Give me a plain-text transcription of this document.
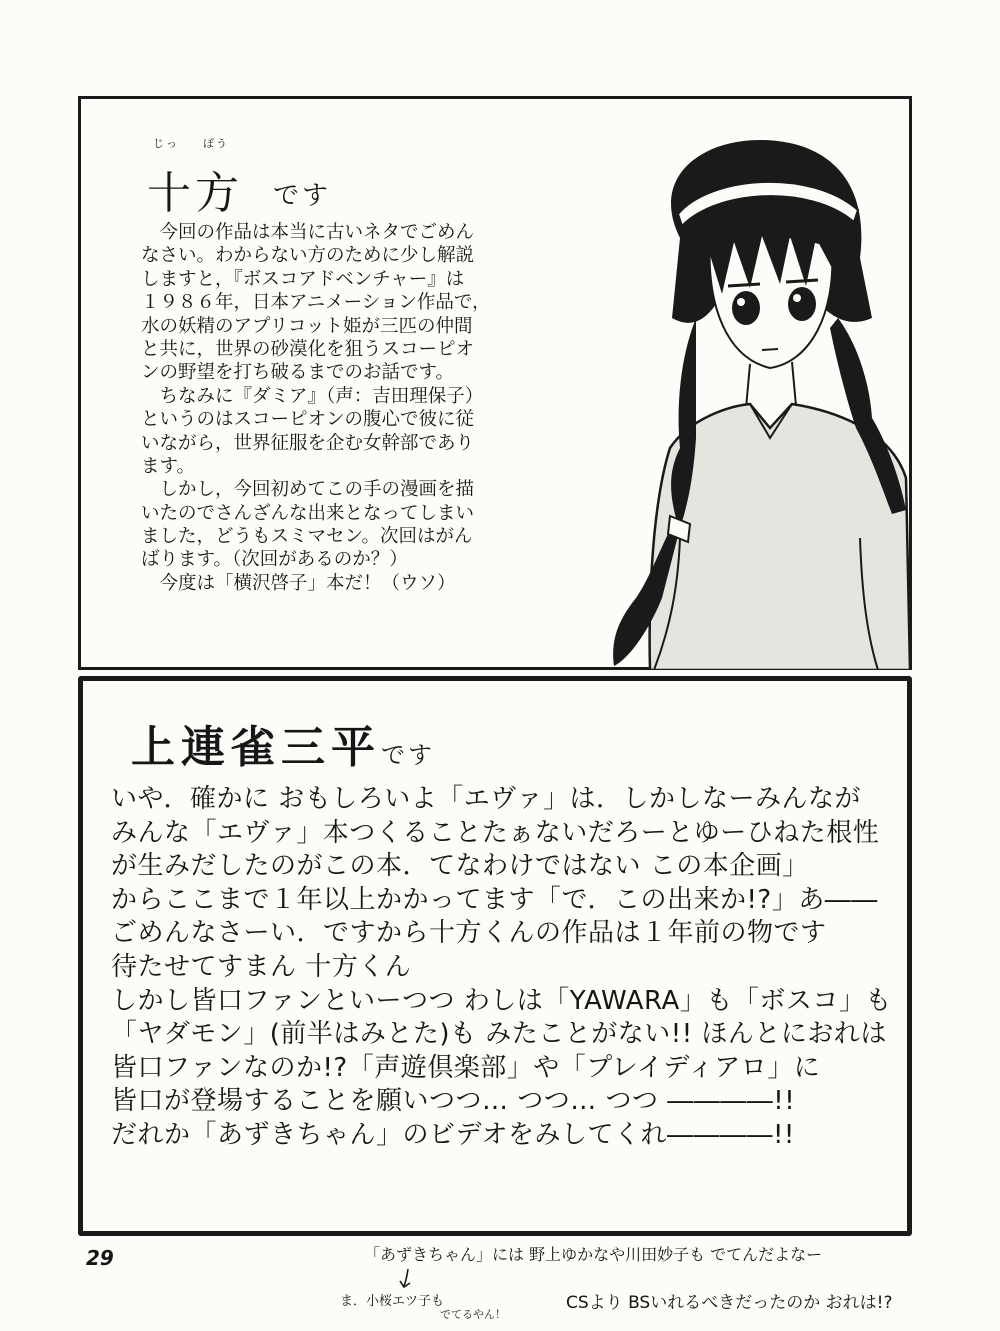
じっ ぽう
十方 です
　今回の作品は本当に古いネタでごめん
なさい。わからない方のために少し解説
しますと，『ボスコアドベンチャー』は
１９８６年，日本アニメーション作品で，
水の妖精のアプリコット姫が三匹の仲間
と共に，世界の砂漠化を狙うスコーピオ
ンの野望を打ち破るまでのお話です。
　ちなみに『ダミア』（声：吉田理保子）
というのはスコーピオンの腹心で彼に従
いながら，世界征服を企む女幹部であり
ます。
　しかし，今回初めてこの手の漫画を描
いたのでさんざんな出来となってしまい
ました，どうもスミマセン。次回はがん
ばります。（次回があるのか？）
　今度は「横沢啓子」本だ！（ウソ）
上連雀三平 です
いや．確かに おもしろいよ「エヴァ」は．しかしなーみんなが
みんな「エヴァ」本つくることたぁないだろーとゆーひねた根性
が生みだしたのがこの本．てなわけではない この本企画」
からここまで１年以上かかってます「で．この出来か!?」あ――
ごめんなさーい．ですから十方くんの作品は１年前の物です
待たせてすまん 十方くん
しかし皆口ファンといーつつ わしは「YAWARA」も「ボスコ」も
「ヤダモン」(前半はみとた)も みたことがない!! ほんとにおれは
皆口ファンなのか!?「声遊倶楽部」や「プレイディアロ」に
皆口が登場することを願いつつ… つつ… つつ ――――!!
だれか「あずきちゃん」のビデオをみしてくれ――――!!
29	「あずきちゃん」には 野上ゆかなや川田妙子も でてんだよなー
ま．小桜エツ子も
でてるやん！
CSより BSいれるべきだったのか おれは!?
